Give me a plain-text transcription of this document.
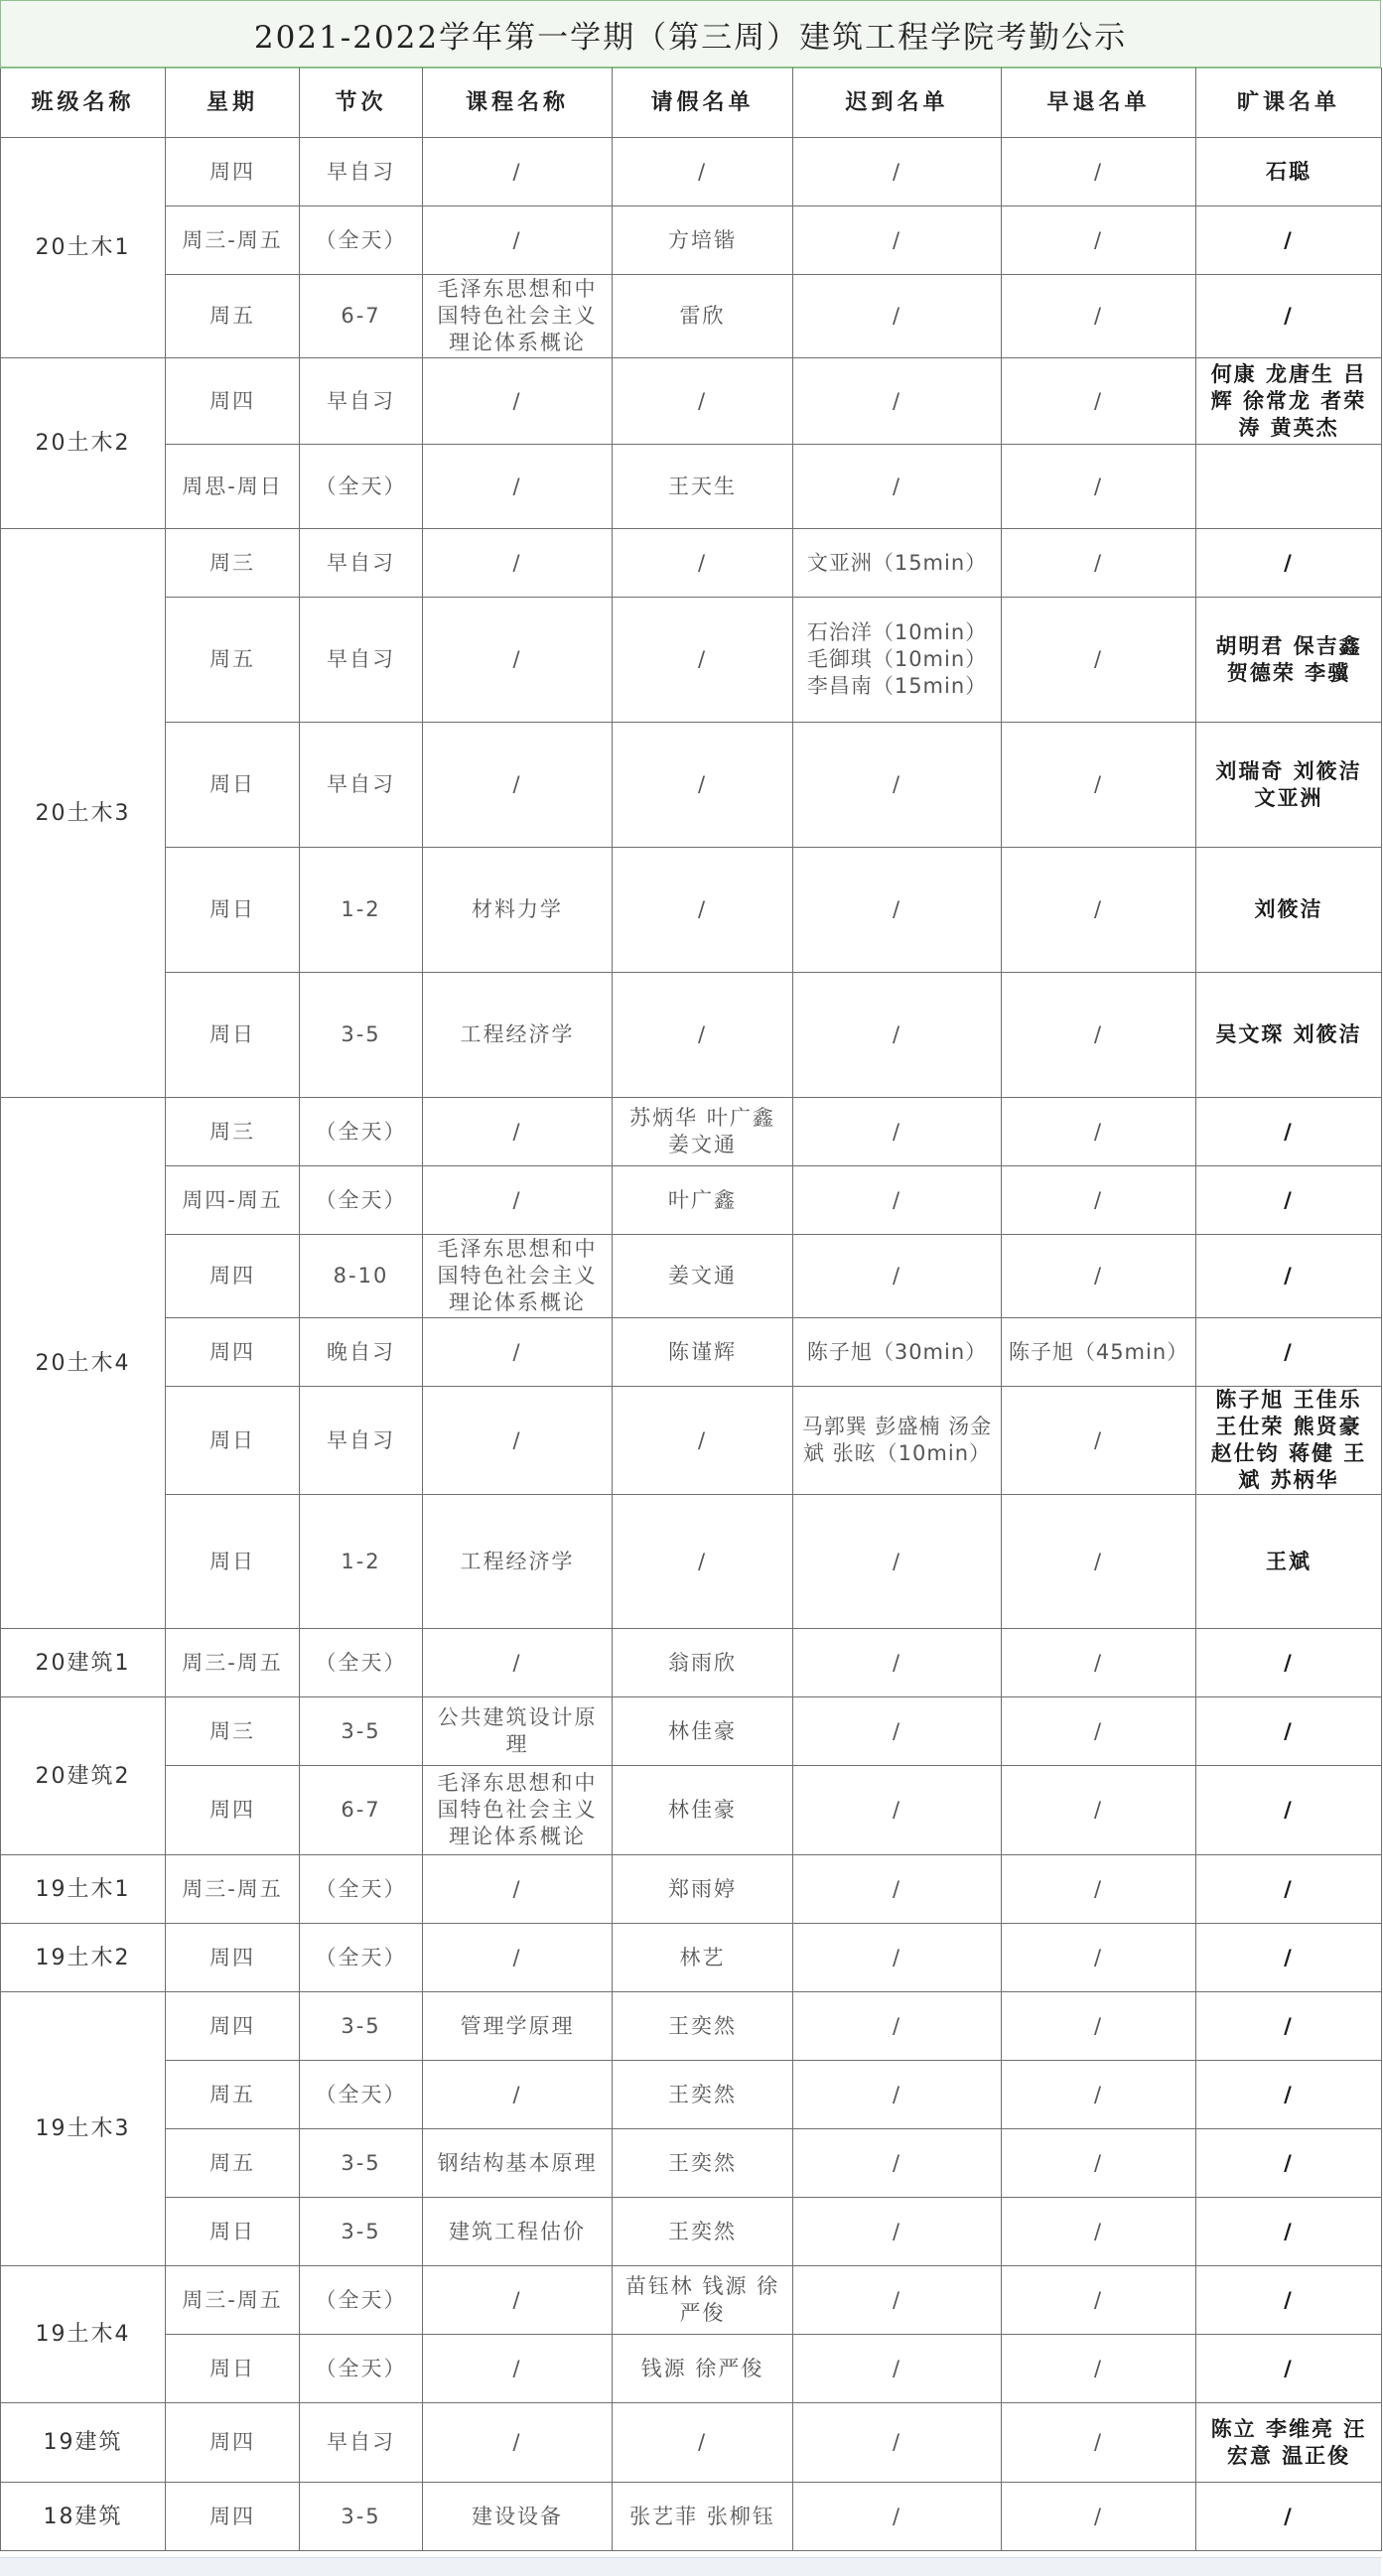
2021-2022学年第一学期（第三周）建筑工程学院考勤公示
班级名称	星期	节次	课程名称	请假名单	迟到名单	早退名单	旷课名单
20土木1	周四	早自习	/	/	/	/	石聪
	周三-周五	（全天）	/	方培锴	/	/	/
	周五	6-7	毛泽东思想和中国特色社会主义理论体系概论	雷欣	/	/	/
20土木2	周四	早自习	/	/	/	/	何康 龙唐生 吕辉 徐常龙 者荣涛 黄英杰
	周思-周日	（全天）	/	王天生	/	/	
20土木3	周三	早自习	/	/	文亚洲（15min）	/	/
	周五	早自习	/	/	石治洋（10min）毛御琪（10min）李昌南（15min）	/	胡明君 保吉鑫 贺德荣 李骥
	周日	早自习	/	/	/	/	刘瑞奇 刘筱洁 文亚洲
	周日	1-2	材料力学	/	/	/	刘筱洁
	周日	3-5	工程经济学	/	/	/	吴文琛 刘筱洁
20土木4	周三	（全天）	/	苏炳华 叶广鑫 姜文通	/	/	/
	周四-周五	（全天）	/	叶广鑫	/	/	/
	周四	8-10	毛泽东思想和中国特色社会主义理论体系概论	姜文通	/	/	/
	周四	晚自习	/	陈谨辉	陈子旭（30min）	陈子旭（45min）	/
	周日	早自习	/	/	马郭巽 彭盛楠 汤金斌 张昡（10min）	/	陈子旭 王佳乐 王仕荣 熊贤豪 赵仕钧 蒋健 王斌 苏柄华
	周日	1-2	工程经济学	/	/	/	王斌
20建筑1	周三-周五	（全天）	/	翁雨欣	/	/	/
20建筑2	周三	3-5	公共建筑设计原理	林佳豪	/	/	/
	周四	6-7	毛泽东思想和中国特色社会主义理论体系概论	林佳豪	/	/	/
19土木1	周三-周五	（全天）	/	郑雨婷	/	/	/
19土木2	周四	（全天）	/	林艺	/	/	/
19土木3	周四	3-5	管理学原理	王奕然	/	/	/
	周五	（全天）	/	王奕然	/	/	/
	周五	3-5	钢结构基本原理	王奕然	/	/	/
	周日	3-5	建筑工程估价	王奕然	/	/	/
19土木4	周三-周五	（全天）	/	苗钰林 钱源 徐严俊	/	/	/
	周日	（全天）	/	钱源 徐严俊	/	/	/
19建筑	周四	早自习	/	/	/	/	陈立 李维亮 汪宏意 温正俊
18建筑	周四	3-5	建设设备	张艺菲 张柳钰	/	/	/
